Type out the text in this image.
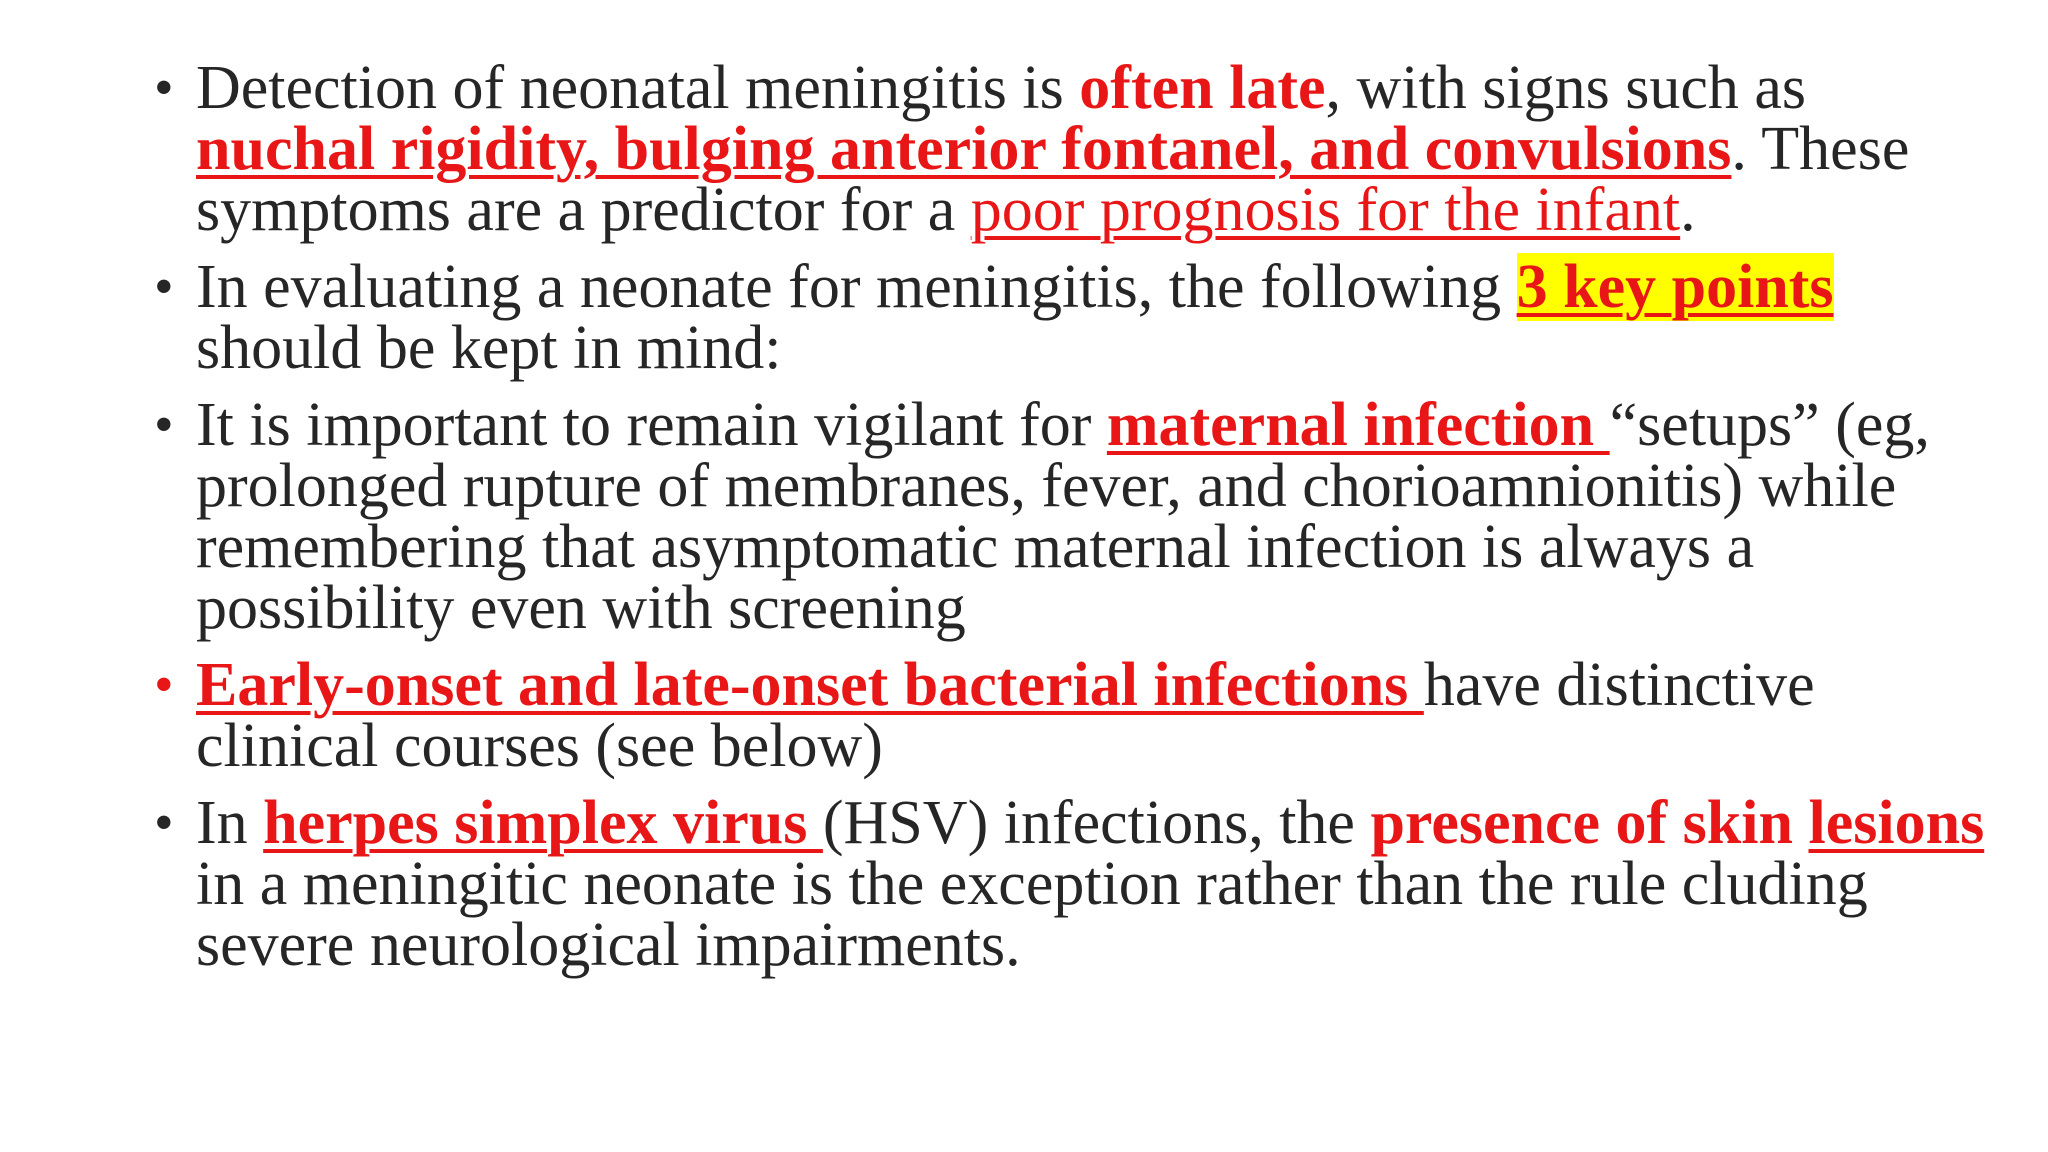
• Detection of neonatal meningitis is often late, with signs such as nuchal rigidity, bulging anterior fontanel, and convulsions. These symptoms are a predictor for a poor prognosis for the infant.
• In evaluating a neonate for meningitis, the following 3 key points should be kept in mind:
• It is important to remain vigilant for maternal infection “setups” (eg, prolonged rupture of membranes, fever, and chorioamnionitis) while remembering that asymptomatic maternal infection is always a possibility even with screening
• Early-onset and late-onset bacterial infections have distinctive clinical courses (see below)
• In herpes simplex virus (HSV) infections, the presence of skin lesions in a meningitic neonate is the exception rather than the rule cluding severe neurological impairments.
